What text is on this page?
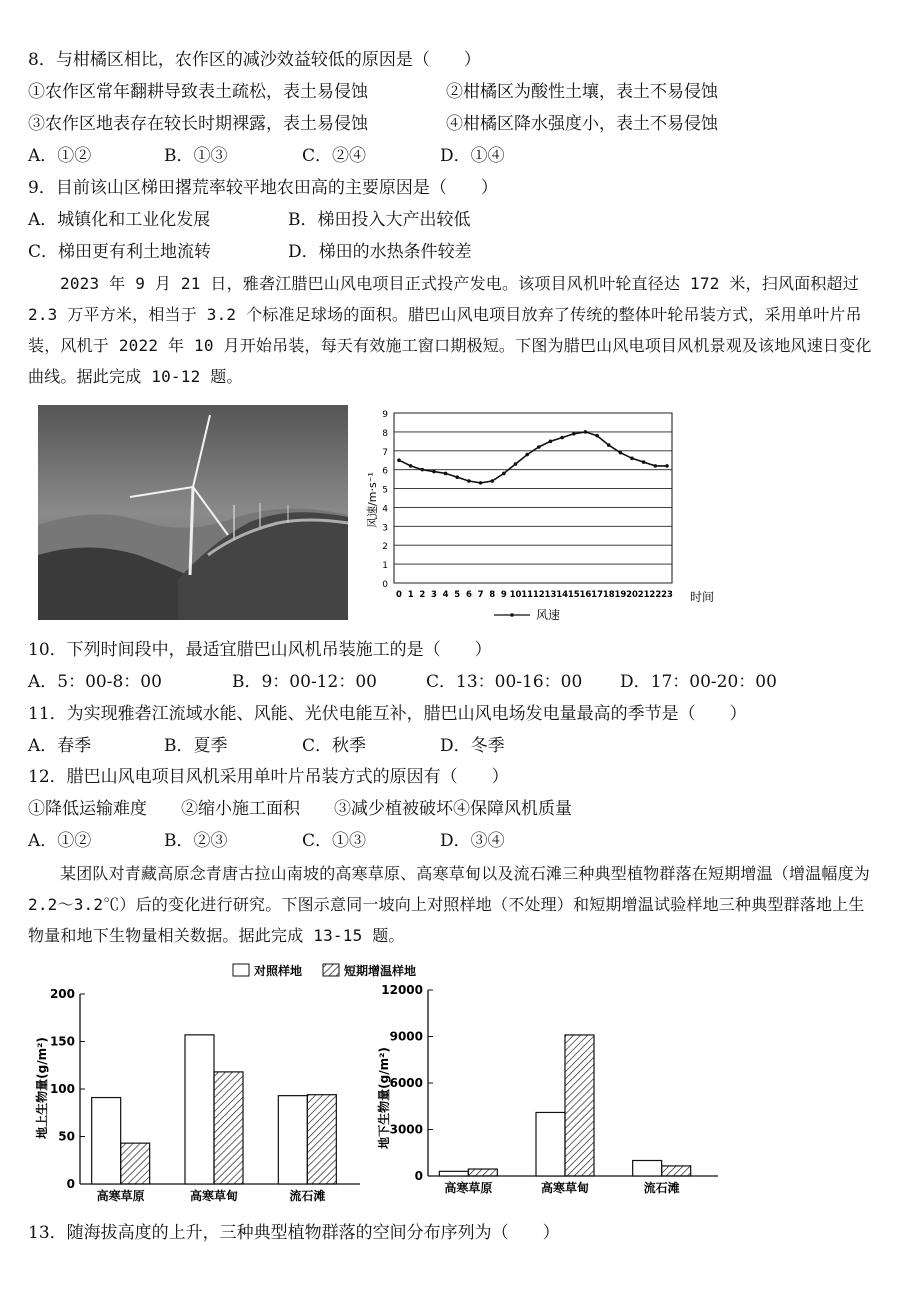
8．与柑橘区相比，农作区的减沙效益较低的原因是（　　）
①农作区常年翻耕导致表土疏松，表土易侵蚀	②柑橘区为酸性土壤，表土不易侵蚀
③农作区地表存在较长时期裸露，表土易侵蚀	④柑橘区降水强度小，表土不易侵蚀
A．①②	B．①③	C．②④	D．①④
9．目前该山区梯田撂荒率较平地农田高的主要原因是（　　）
A．城镇化和工业化发展	B．梯田投入大产出较低
C．梯田更有利土地流转	D．梯田的水热条件较差
2023 年 9 月 21 日，雅砻江腊巴山风电项目正式投产发电。该项目风机叶轮直径达 172 米，扫风面积超过 2.3 万平方米，相当于 3.2 个标准足球场的面积。腊巴山风电项目放弃了传统的整体叶轮吊装方式，采用单叶片吊装，风机于 2022 年 10 月开始吊装，每天有效施工窗口期极短。下图为腊巴山风电项目风机景观及该地风速日变化曲线。据此完成 10-12 题。
0
1
2
3
4
5
6
7
8
9
0 1 2 3 4 5 6 7 8 9 10 11 12 13 14 15 16 17 18 19 20 21 22 23
风速/m·s⁻¹
时间
风速
10．下列时间段中，最适宜腊巴山风机吊装施工的是（　　）
A．5：00-8：00	B．9：00-12：00	C．13：00-16：00 D．17：00-20：00
11．为实现雅砻江流域水能、风能、光伏电能互补，腊巴山风电场发电量最高的季节是（　　）
A．春季	B．夏季	C．秋季	D．冬季
12．腊巴山风电项目风机采用单叶片吊装方式的原因有（　　）
①降低运输难度　　②缩小施工面积　　③减少植被破坏④保障风机质量
A．①②	B．②③	C．①③	D．③④
某团队对青藏高原念青唐古拉山南坡的高寒草原、高寒草甸以及流石滩三种典型植物群落在短期增温（增温幅度为 2.2～3.2℃）后的变化进行研究。下图示意同一坡向上对照样地（不处理）和短期增温试验样地三种典型群落地上生物量和地下生物量相关数据。据此完成 13-15 题。
对照样地	短期增温样地
地上生物量(g/m²)	地下生物量(g/m²)
0
50
100
150
200
高寒草原	高寒草甸	流石滩
0
3000
6000
9000
12000
高寒草原	高寒草甸	流石滩
13．随海拔高度的上升，三种典型植物群落的空间分布序列为（　　）
